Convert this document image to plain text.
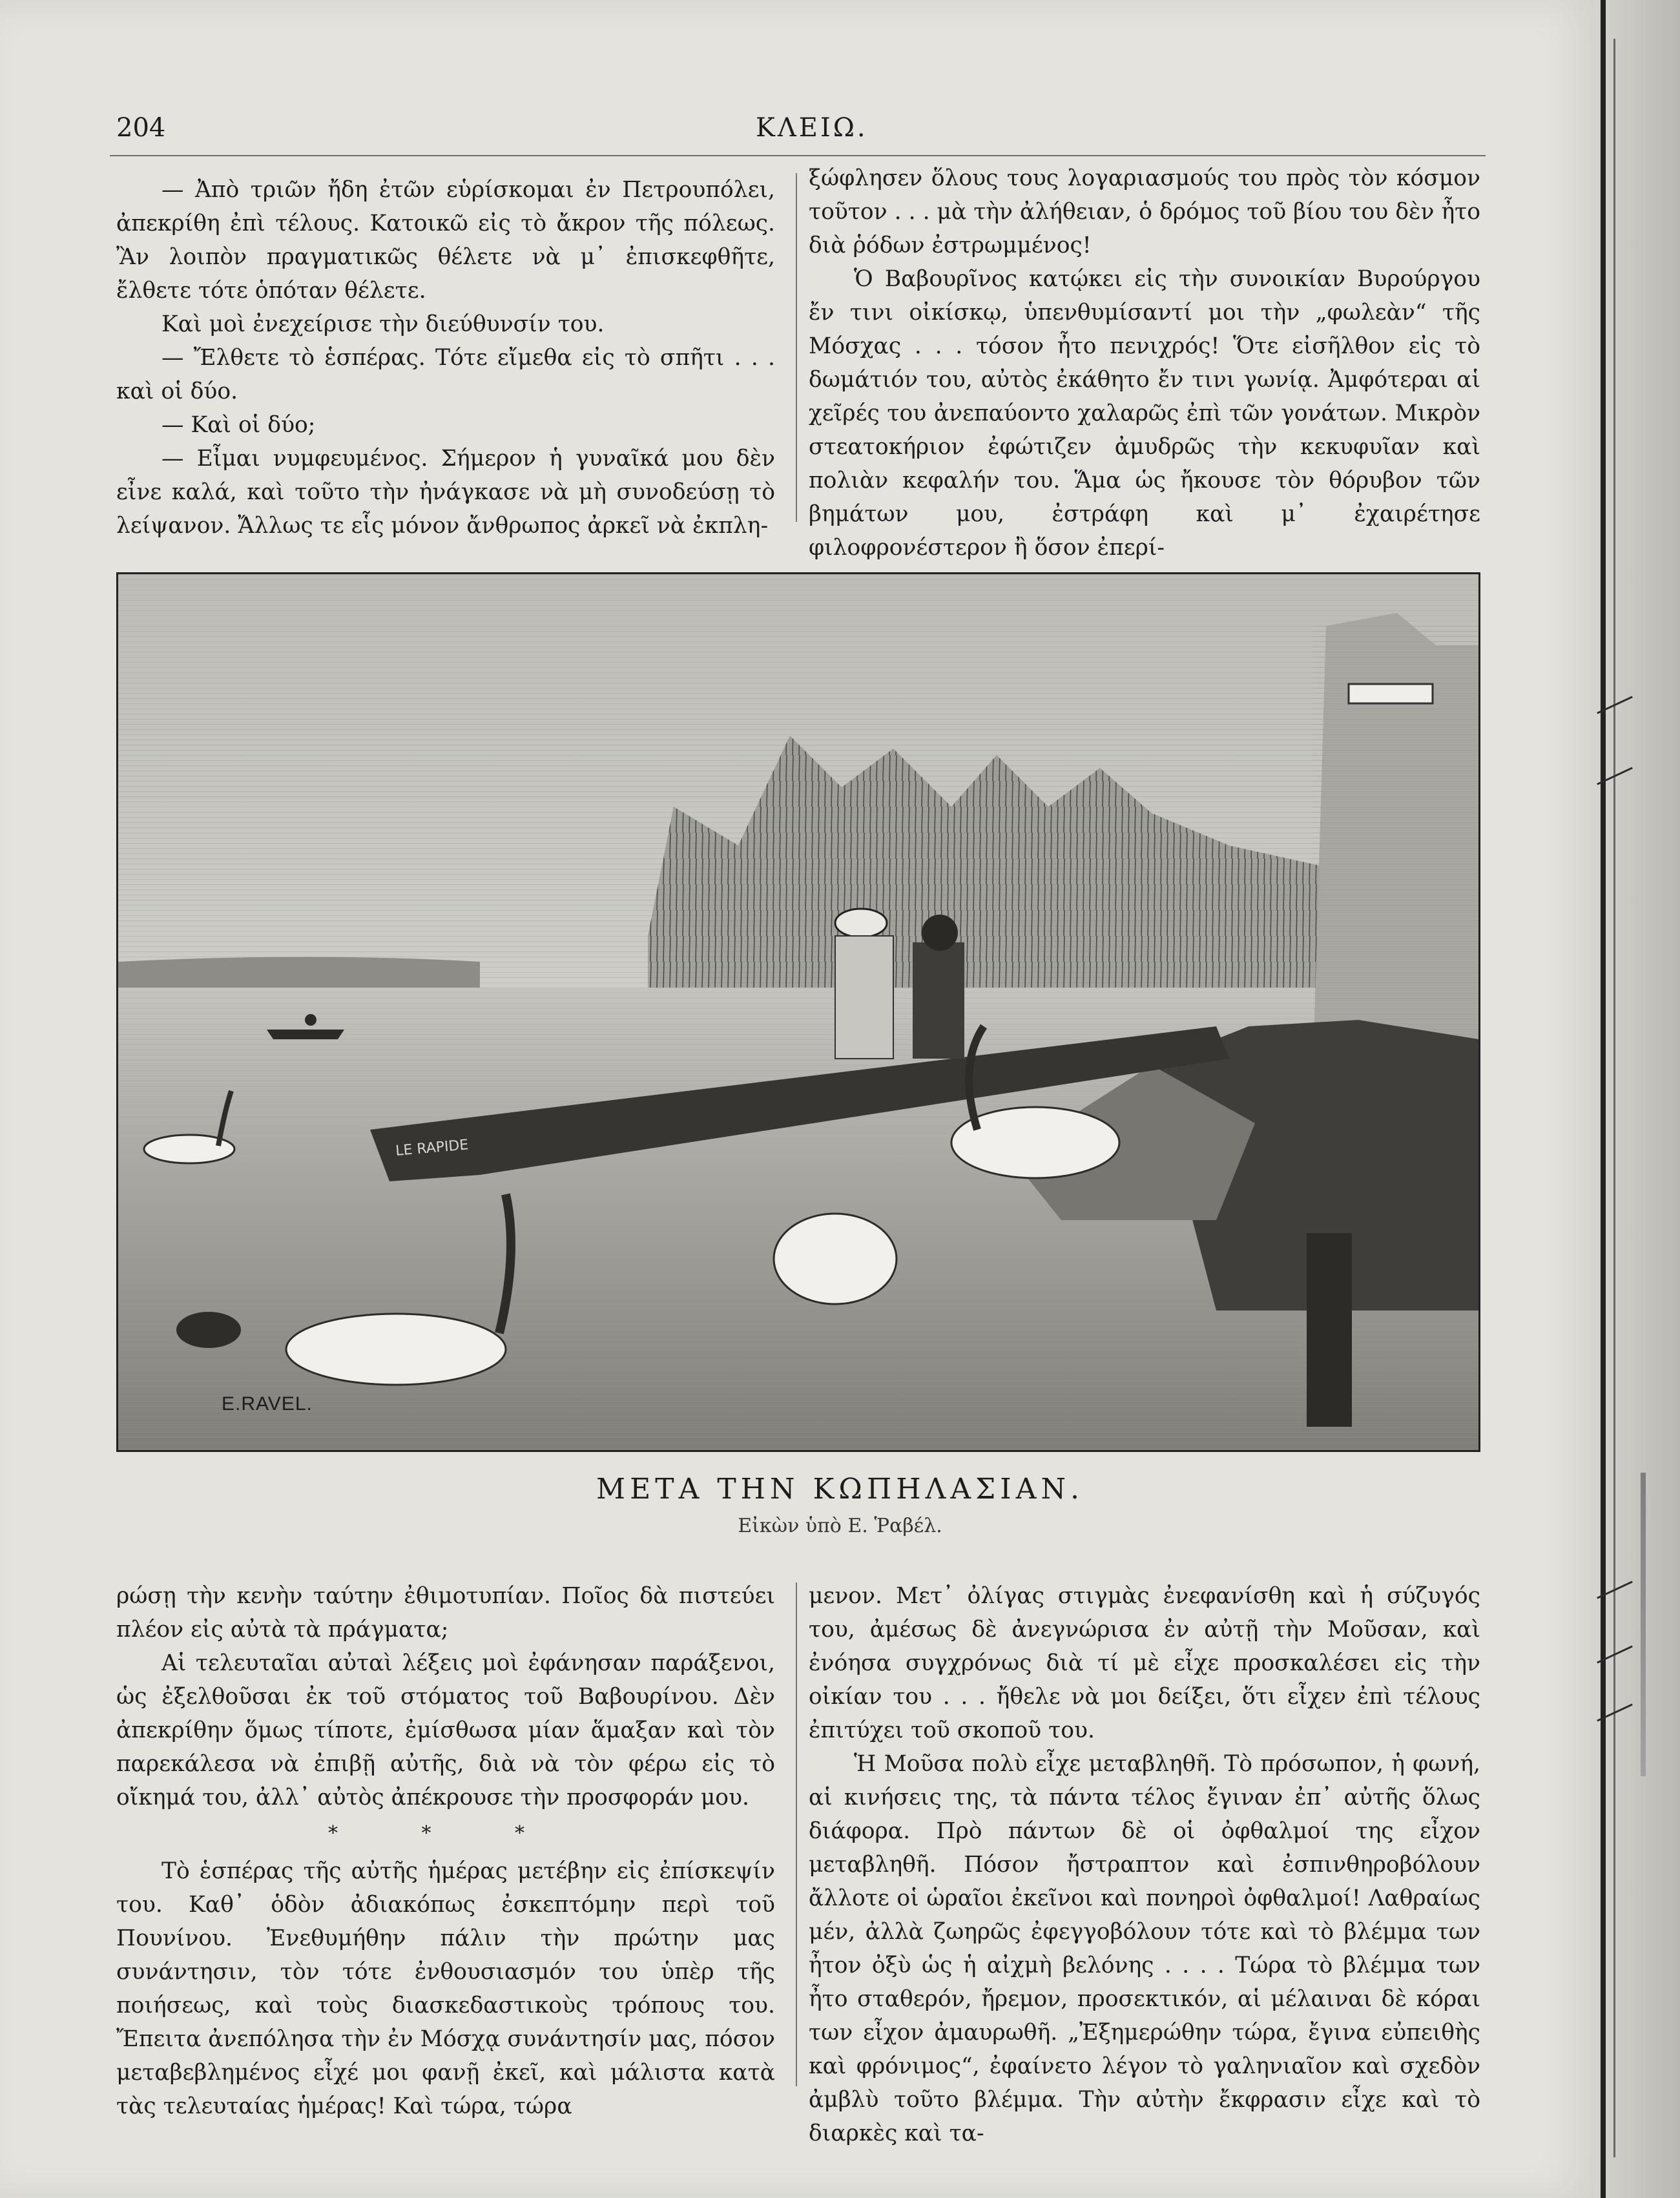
204	ΚΛΕΙΩ.

— Ἀπὸ τριῶν ἤδη ἐτῶν εὑρίσκομαι ἐν Πετρουπόλει, ἀπεκρίθη ἐπὶ τέλους. Κατοικῶ εἰς τὸ ἄκρον τῆς πόλεως. Ἂν λοιπὸν πραγματικῶς θέλετε νὰ μ᾽ ἐπισκεφθῆτε, ἔλθετε τότε ὁπόταν θέλετε.

Καὶ μοὶ ἐνεχείρισε τὴν διεύθυνσίν του.

— Ἔλθετε τὸ ἑσπέρας. Τότε εἴμεθα εἰς τὸ σπῆτι . . . καὶ οἱ δύο.

— Καὶ οἱ δύο;

— Εἶμαι νυμφευμένος. Σήμερον ἡ γυναῖκά μου δὲν εἶνε καλά, καὶ τοῦτο τὴν ἠνάγκασε νὰ μὴ συνοδεύσῃ τὸ λείψανον. Ἄλλως τε εἷς μόνον ἄνθρωπος ἀρκεῖ νὰ ἐκπλη-

ξώφλησεν ὅλους τους λογαριασμούς του πρὸς τὸν κόσμον τοῦτον . . . μὰ τὴν ἀλήθειαν, ὁ δρόμος τοῦ βίου του δὲν ἦτο διὰ ῥόδων ἐστρωμμένος!

Ὁ Βαβουρῖνος κατῴκει εἰς τὴν συνοικίαν Βυρούργου ἔν τινι οἰκίσκῳ, ὑπενθυμίσαντί μοι τὴν „φωλεὰν“ τῆς Μόσχας . . . τόσον ἦτο πενιχρός! Ὅτε εἰσῆλθον εἰς τὸ δωμάτιόν του, αὐτὸς ἐκάθητο ἔν τινι γωνίᾳ. Ἀμφότεραι αἱ χεῖρές του ἀνεπαύοντο χαλαρῶς ἐπὶ τῶν γονάτων. Μικρὸν στεατοκήριον ἐφώτιζεν ἀμυδρῶς τὴν κεκυφυῖαν καὶ πολιὰν κεφαλήν του. Ἅμα ὡς ἤκουσε τὸν θόρυβον τῶν βημάτων μου, ἐστράφη καὶ μ᾽ ἐχαιρέτησε φιλοφρονέστερον ἢ ὅσον ἐπερί-

LE RAPIDE
E.RAVEL.
ΜΕΤΑ ΤΗΝ ΚΩΠΗΛΑΣΙΑΝ.
Εἰκὼν ὑπὸ Ε. Ῥαβέλ.

ρώσῃ τὴν κενὴν ταύτην ἐθιμοτυπίαν. Ποῖος δὰ πιστεύει πλέον εἰς αὐτὰ τὰ πράγματα;

Αἱ τελευταῖαι αὐταὶ λέξεις μοὶ ἐφάνησαν παράξενοι, ὡς ἐξελθοῦσαι ἐκ τοῦ στόματος τοῦ Βαβουρίνου. Δὲν ἀπεκρίθην ὅμως τίποτε, ἐμίσθωσα μίαν ἅμαξαν καὶ τὸν παρεκάλεσα νὰ ἐπιβῇ αὐτῆς, διὰ νὰ τὸν φέρω εἰς τὸ οἴκημά του, ἀλλ᾽ αὐτὸς ἀπέκρουσε τὴν προσφοράν μου.

* * *

Τὸ ἑσπέρας τῆς αὐτῆς ἡμέρας μετέβην εἰς ἐπίσκεψίν του. Καθ᾽ ὁδὸν ἀδιακόπως ἐσκεπτόμην περὶ τοῦ Πουνίνου. Ἐνεθυμήθην πάλιν τὴν πρώτην μας συνάντησιν, τὸν τότε ἐνθουσιασμόν του ὑπὲρ τῆς ποιήσεως, καὶ τοὺς διασκεδαστικοὺς τρόπους του. Ἔπειτα ἀνεπόλησα τὴν ἐν Μόσχᾳ συνάντησίν μας, πόσον μεταβεβλημένος εἶχέ μοι φανῇ ἐκεῖ, καὶ μάλιστα κατὰ τὰς τελευταίας ἡμέρας! Καὶ τώρα, τώρα

μενον. Μετ᾽ ὀλίγας στιγμὰς ἐνεφανίσθη καὶ ἡ σύζυγός του, ἀμέσως δὲ ἀνεγνώρισα ἐν αὐτῇ τὴν Μοῦσαν, καὶ ἐνόησα συγχρόνως διὰ τί μὲ εἶχε προσκαλέσει εἰς τὴν οἰκίαν του . . . ἤθελε νὰ μοι δείξει, ὅτι εἶχεν ἐπὶ τέλους ἐπιτύχει τοῦ σκοποῦ του.

Ἡ Μοῦσα πολὺ εἶχε μεταβληθῆ. Τὸ πρόσωπον, ἡ φωνή, αἱ κινήσεις της, τὰ πάντα τέλος ἔγιναν ἐπ᾽ αὐτῆς ὅλως διάφορα. Πρὸ πάντων δὲ οἱ ὀφθαλμοί της εἶχον μεταβληθῆ. Πόσον ἤστραπτον καὶ ἐσπινθηροβόλουν ἄλλοτε οἱ ὡραῖοι ἐκεῖνοι καὶ πονηροὶ ὀφθαλμοί! Λαθραίως μέν, ἀλλὰ ζωηρῶς ἐφεγγοβόλουν τότε καὶ τὸ βλέμμα των ἦτον ὀξὺ ὡς ἡ αἰχμὴ βελόνης . . . . Τώρα τὸ βλέμμα των ἦτο σταθερόν, ἤρεμον, προσεκτικόν, αἱ μέλαιναι δὲ κόραι των εἶχον ἀμαυρωθῆ. „Ἐξημερώθην τώρα, ἔγινα εὐπειθὴς καὶ φρόνιμος“, ἐφαίνετο λέγον τὸ γαληνιαῖον καὶ σχεδὸν ἀμβλὺ τοῦτο βλέμμα. Τὴν αὐτὴν ἔκφρασιν εἶχε καὶ τὸ διαρκὲς καὶ τα-
